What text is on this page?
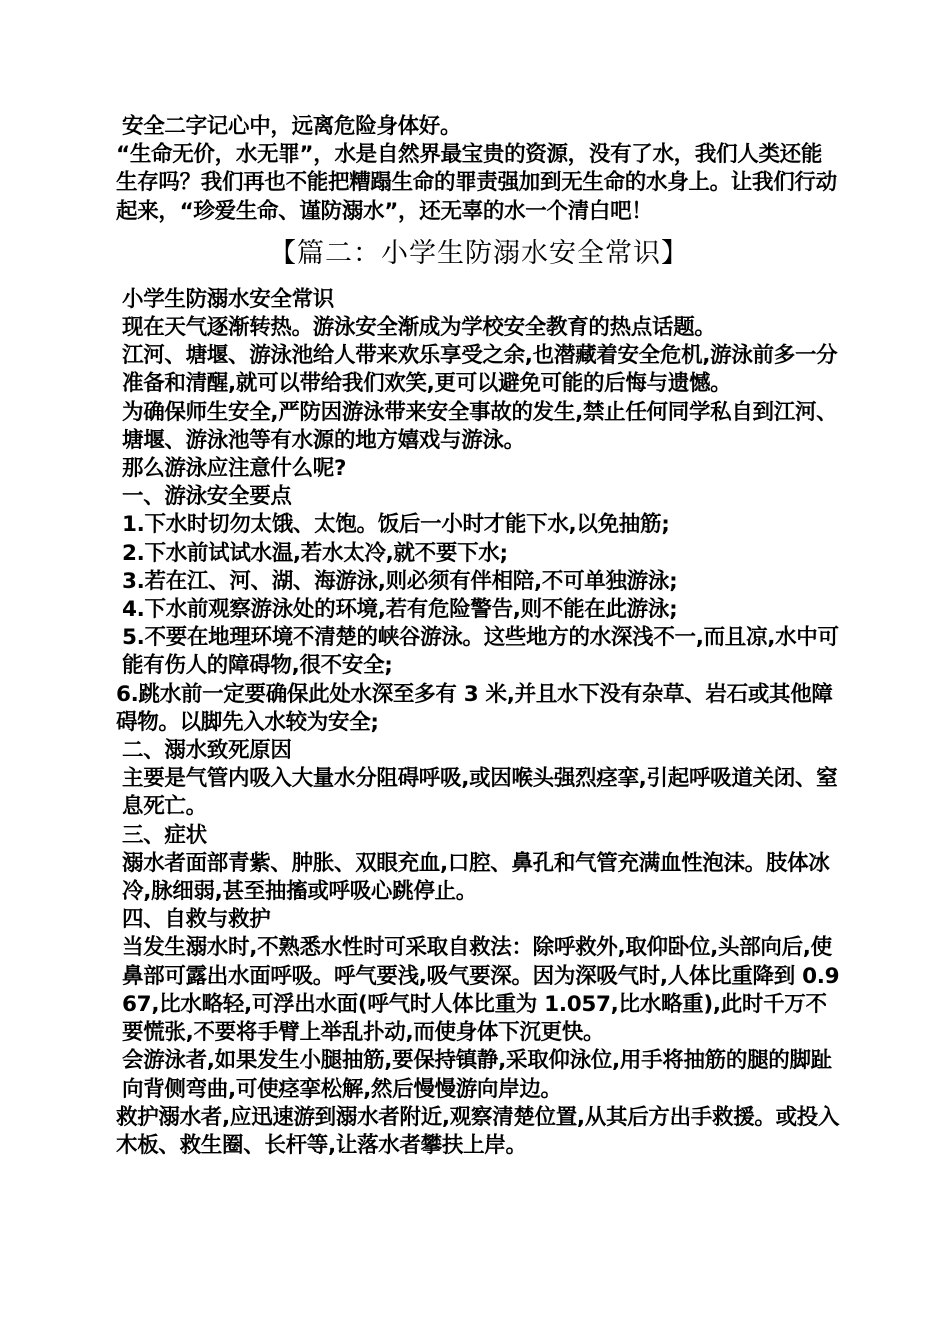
安全二字记心中，远离危险身体好。

“生命无价，水无罪”，水是自然界最宝贵的资源，没有了水，我们人类还能生存吗？我们再也不能把糟蹋生命的罪责强加到无生命的水身上。让我们行动起来，“珍爱生命、谨防溺水”，还无辜的水一个清白吧！

【篇二：小学生防溺水安全常识】

小学生防溺水安全常识

现在天气逐渐转热。游泳安全渐成为学校安全教育的热点话题。

江河、塘堰、游泳池给人带来欢乐享受之余,也潜藏着安全危机,游泳前多一分准备和清醒,就可以带给我们欢笑,更可以避免可能的后悔与遗憾。

为确保师生安全,严防因游泳带来安全事故的发生,禁止任何同学私自到江河、塘堰、游泳池等有水源的地方嬉戏与游泳。

那么游泳应注意什么呢?

一、游泳安全要点

1.下水时切勿太饿、太饱。饭后一小时才能下水,以免抽筋;

2.下水前试试水温,若水太冷,就不要下水;

3.若在江、河、湖、海游泳,则必须有伴相陪,不可单独游泳;

4.下水前观察游泳处的环境,若有危险警告,则不能在此游泳;

5.不要在地理环境不清楚的峡谷游泳。这些地方的水深浅不一,而且凉,水中可能有伤人的障碍物,很不安全;

6.跳水前一定要确保此处水深至多有 3 米,并且水下没有杂草、岩石或其他障碍物。以脚先入水较为安全;

二、溺水致死原因

主要是气管内吸入大量水分阻碍呼吸,或因喉头强烈痉挛,引起呼吸道关闭、窒息死亡。

三、症状

溺水者面部青紫、肿胀、双眼充血,口腔、鼻孔和气管充满血性泡沫。肢体冰冷,脉细弱,甚至抽搐或呼吸心跳停止。

四、自救与救护

当发生溺水时,不熟悉水性时可采取自救法：除呼救外,取仰卧位,头部向后,使鼻部可露出水面呼吸。呼气要浅,吸气要深。因为深吸气时,人体比重降到 0.967,比水略轻,可浮出水面(呼气时人体比重为 1.057,比水略重),此时千万不要慌张,不要将手臂上举乱扑动,而使身体下沉更快。

会游泳者,如果发生小腿抽筋,要保持镇静,采取仰泳位,用手将抽筋的腿的脚趾向背侧弯曲,可使痉挛松解,然后慢慢游向岸边。

救护溺水者,应迅速游到溺水者附近,观察清楚位置,从其后方出手救援。或投入木板、救生圈、长杆等,让落水者攀扶上岸。
